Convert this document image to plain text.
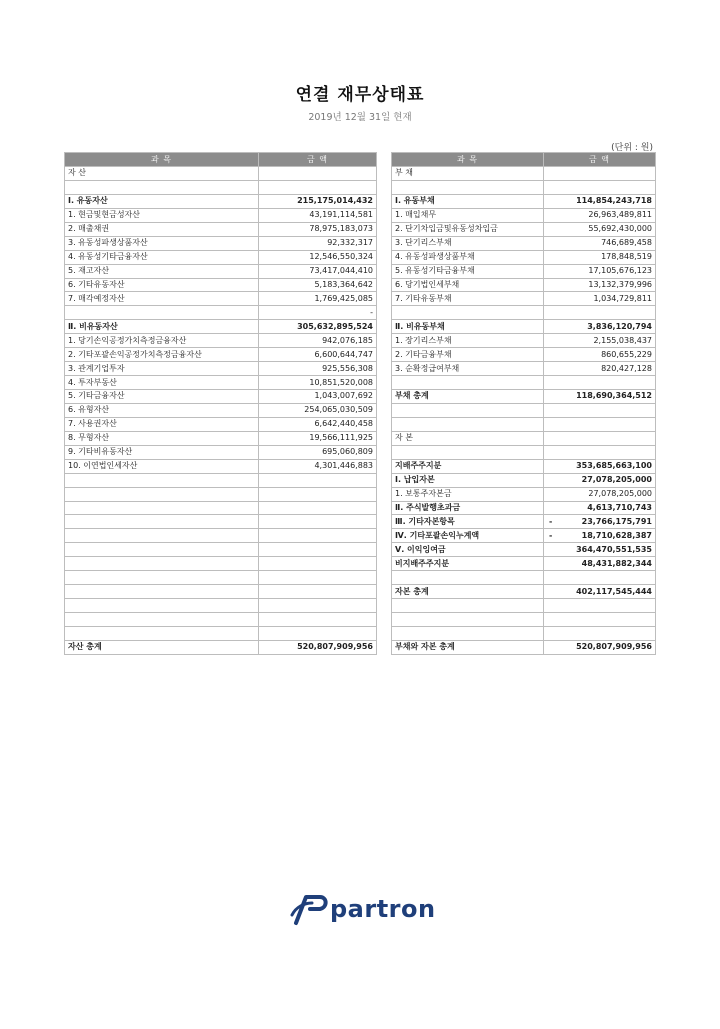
연결 재무상태표
2019년 12월 31일 현재
(단위 : 원)
과 목	금 액
자 산	

Ⅰ. 유동자산	215,175,014,432
1. 현금및현금성자산	43,191,114,581
2. 매출채권	78,975,183,073
3. 유동성파생상품자산	92,332,317
4. 유동성기타금융자산	12,546,550,324
5. 재고자산	73,417,044,410
6. 기타유동자산	5,183,364,642
7. 매각예정자산	1,769,425,085
	-
Ⅱ. 비유동자산	305,632,895,524
1. 당기손익공정가치측정금융자산	942,076,185
2. 기타포괄손익공정가치측정금융자산	6,600,644,747
3. 관계기업투자	925,556,308
4. 투자부동산	10,851,520,008
5. 기타금융자산	1,043,007,692
6. 유형자산	254,065,030,509
7. 사용권자산	6,642,440,458
8. 무형자산	19,566,111,925
9. 기타비유동자산	695,060,809
10. 이연법인세자산	4,301,446,883

자산 총계	520,807,909,956
과 목	금 액
부 채	

Ⅰ. 유동부채	114,854,243,718
1. 매입채무	26,963,489,811
2. 단기차입금및유동성차입금	55,692,430,000
3. 단기리스부채	746,689,458
4. 유동성파생상품부채	178,848,519
5. 유동성기타금융부채	17,105,676,123
6. 당기법인세부채	13,132,379,996
7. 기타유동부채	1,034,729,811

Ⅱ. 비유동부채	3,836,120,794
1. 장기리스부채	2,155,038,437
2. 기타금융부채	860,655,229
3. 순확정급여부채	820,427,128

부채 총계	118,690,364,512

자 본	

지배주주지분	353,685,663,100
Ⅰ. 납입자본	27,078,205,000
1. 보통주자본금	27,078,205,000
Ⅱ. 주식발행초과금	4,613,710,743
Ⅲ. 기타자본항목	- 23,766,175,791
Ⅳ. 기타포괄손익누계액	- 18,710,628,387
Ⅴ. 이익잉여금	364,470,551,535
비지배주주지분	48,431,882,344

자본 총계	402,117,545,444

부채와 자본 총계	520,807,909,956
partron
